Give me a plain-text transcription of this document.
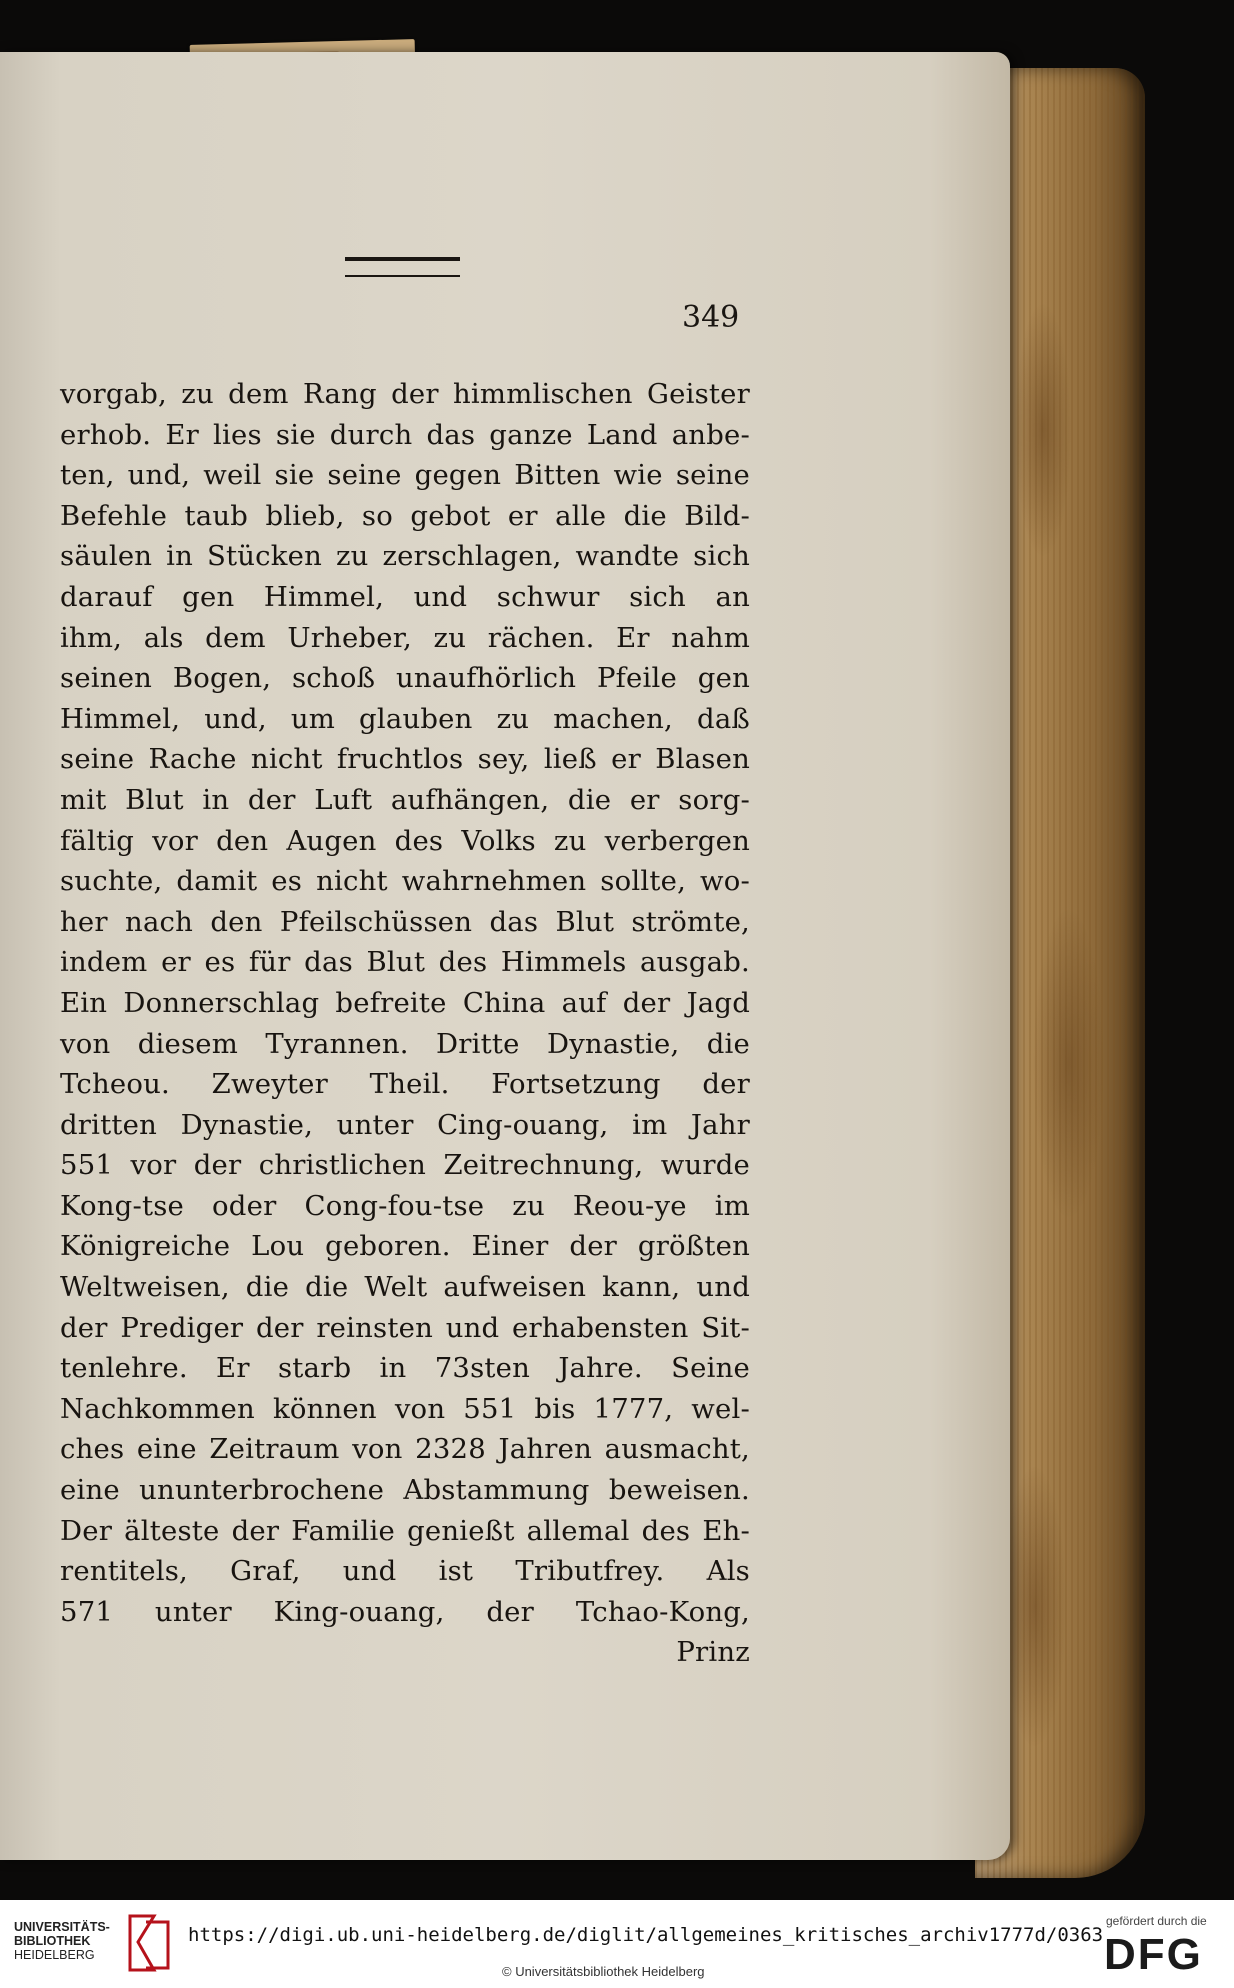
349
vorgab, zu dem Rang der himmlischen Geister
erhob. Er lies sie durch das ganze Land anbe-
ten, und, weil sie seine gegen Bitten wie seine
Befehle taub blieb, so gebot er alle die Bild-
säulen in Stücken zu zerschlagen, wandte sich
darauf gen Himmel, und schwur sich an
ihm, als dem Urheber, zu rächen. Er nahm
seinen Bogen, schoß unaufhörlich Pfeile gen
Himmel, und, um glauben zu machen, daß
seine Rache nicht fruchtlos sey, ließ er Blasen
mit Blut in der Luft aufhängen, die er sorg-
fältig vor den Augen des Volks zu verbergen
suchte, damit es nicht wahrnehmen sollte, wo-
her nach den Pfeilschüssen das Blut strömte,
indem er es für das Blut des Himmels ausgab.
Ein Donnerschlag befreite China auf der Jagd
von diesem Tyrannen. Dritte Dynastie, die
Tcheou. Zweyter Theil. Fortsetzung der
dritten Dynastie, unter Cing-ouang, im Jahr
551 vor der christlichen Zeitrechnung, wurde
Kong-tse oder Cong-fou-tse zu Reou-ye im
Königreiche Lou geboren. Einer der größten
Weltweisen, die die Welt aufweisen kann, und
der Prediger der reinsten und erhabensten Sit-
tenlehre. Er starb in 73sten Jahre. Seine
Nachkommen können von 551 bis 1777, wel-
ches eine Zeitraum von 2328 Jahren ausmacht,
eine ununterbrochene Abstammung beweisen.
Der älteste der Familie genießt allemal des Eh-
rentitels, Graf, und ist Tributfrey. Als
571 unter King-ouang, der Tchao-Kong,
Prinz
UNIVERSITÄTS-
BIBLIOTHEK
HEIDELBERG
https://digi.ub.uni-heidelberg.de/diglit/allgemeines_kritisches_archiv1777d/0363
© Universitätsbibliothek Heidelberg
gefördert durch die
DFG
